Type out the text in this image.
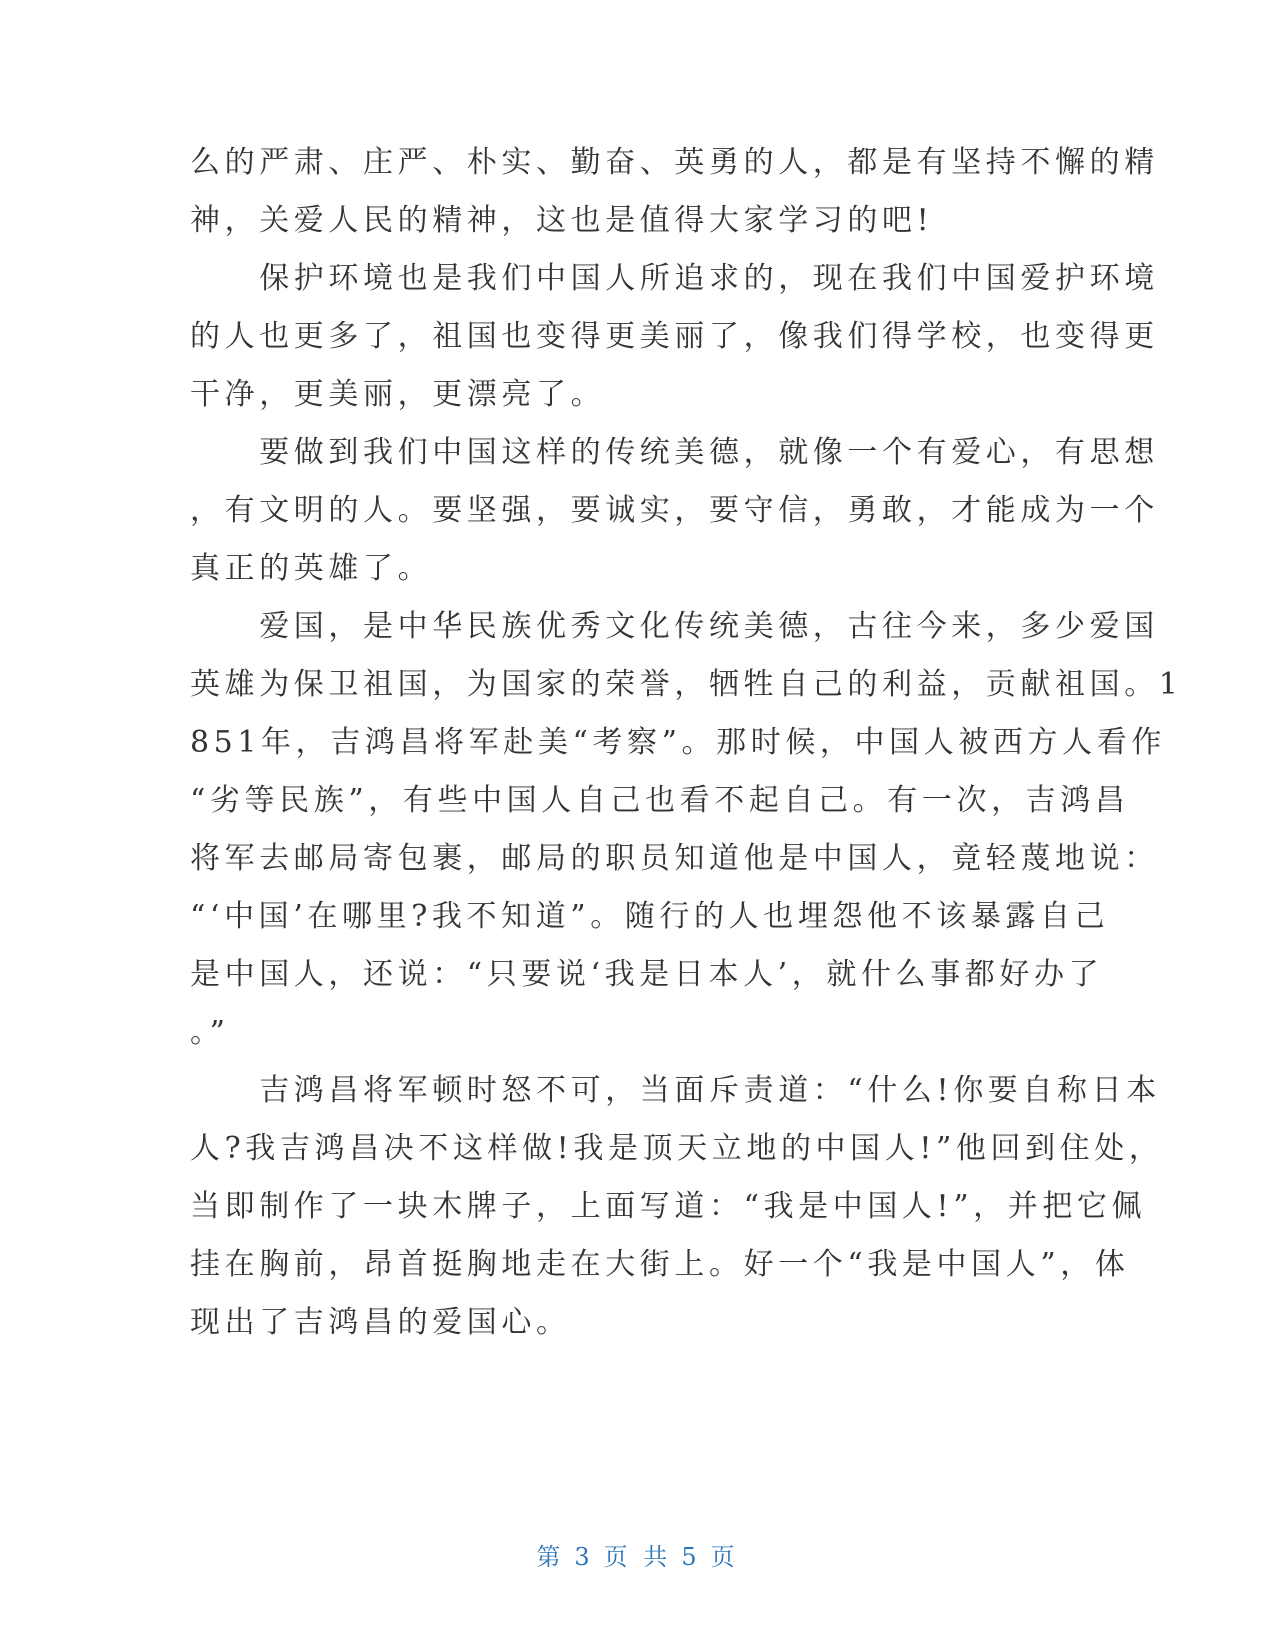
么的严肃、庄严、朴实、勤奋、英勇的人，都是有坚持不懈的精
神，关爱人民的精神，这也是值得大家学习的吧!
　　保护环境也是我们中国人所追求的，现在我们中国爱护环境
的人也更多了，祖国也变得更美丽了，像我们得学校，也变得更
干净，更美丽，更漂亮了。
　　要做到我们中国这样的传统美德，就像一个有爱心，有思想
，有文明的人。要坚强，要诚实，要守信，勇敢，才能成为一个
真正的英雄了。
　　爱国，是中华民族优秀文化传统美德，古往今来，多少爱国
英雄为保卫祖国，为国家的荣誉，牺牲自己的利益，贡献祖国。1
851年，吉鸿昌将军赴美“考察”。那时候，中国人被西方人看作
“劣等民族”，有些中国人自己也看不起自己。有一次，吉鸿昌
将军去邮局寄包裹，邮局的职员知道他是中国人，竟轻蔑地说：
“‘中国’在哪里?我不知道”。随行的人也埋怨他不该暴露自己
是中国人，还说：“只要说‘我是日本人’，就什么事都好办了
。”
　　吉鸿昌将军顿时怒不可，当面斥责道：“什么!你要自称日本
人?我吉鸿昌决不这样做!我是顶天立地的中国人!”他回到住处，
当即制作了一块木牌子，上面写道：“我是中国人!”，并把它佩
挂在胸前，昂首挺胸地走在大街上。好一个“我是中国人”，体
现出了吉鸿昌的爱国心。
第 3 页 共 5 页
